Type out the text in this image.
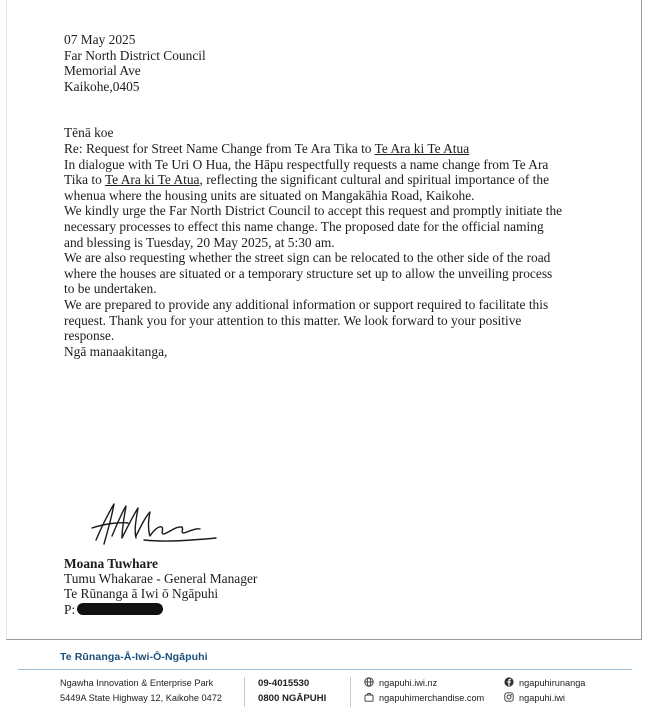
07 May 2025

Far North District Council

Memorial Ave

Kaikohe,0405

Tēnā koe

Re: Request for Street Name Change from Te Ara Tika to Te Ara ki Te Atua

In dialogue with Te Uri O Hua, the Hāpu respectfully requests a name change from Te Ara Tika to Te Ara ki Te Atua, reflecting the significant cultural and spiritual importance of the whenua where the housing units are situated on Mangakāhia Road, Kaikohe.

We kindly urge the Far North District Council to accept this request and promptly initiate the necessary processes to effect this name change. The proposed date for the official naming and blessing is Tuesday, 20 May 2025, at 5:30 am.

We are also requesting whether the street sign can be relocated to the other side of the road where the houses are situated or a temporary structure set up to allow the unveiling process to be undertaken.

We are prepared to provide any additional information or support required to facilitate this request. Thank you for your attention to this matter. We look forward to your positive response.

Ngā manaakitanga,

Moana Tuwhare

Tumu Whakarae - General Manager

Te Rūnanga ā Iwi ō Ngāpuhi

P:

Te Rūnanga-Ā-Iwi-Ō-Ngāpuhi
Ngawha Innovation & Enterprise Park
5449A State Highway 12, Kaikohe 0472
09-4015530
0800 NGĀPUHI
ngapuhi.iwi.nz
ngapuhimerchandise.com
ngapuhirunanga
ngapuhi.iwi
